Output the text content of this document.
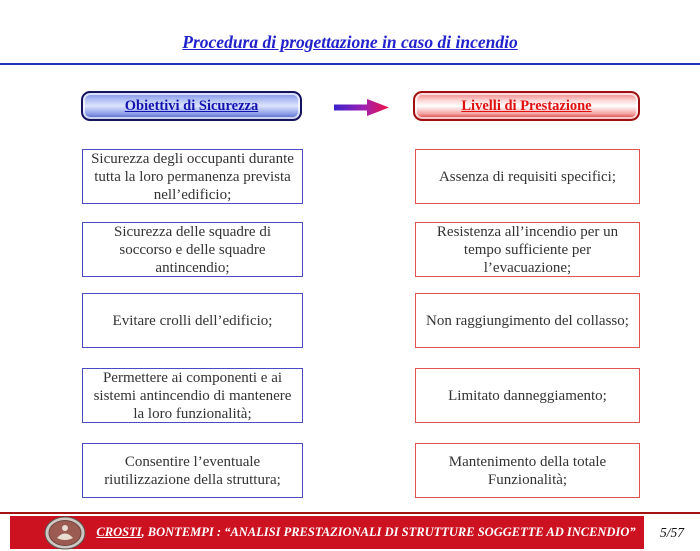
Procedura di progettazione in caso di incendio
Obiettivi di Sicurezza	Livelli di Prestazione
Sicurezza degli occupanti durante tutta la loro permanenza prevista nell’edificio;
Sicurezza delle squadre di soccorso e delle squadre antincendio;
Evitare crolli dell’edificio;
Permettere ai componenti e ai sistemi antincendio di mantenere la loro funzionalità;
Consentire l’eventuale riutilizzazione della struttura;
Assenza di requisiti specifici;
Resistenza all’incendio per un tempo sufficiente per l’evacuazione;
Non raggiungimento del collasso;
Limitato danneggiamento;
Mantenimento della totale Funzionalità;
CROSTI , BONTEMPI : “ANALISI PRESTAZIONALI DI STRUTTURE SOGGETTE AD INCENDIO”	5/57
